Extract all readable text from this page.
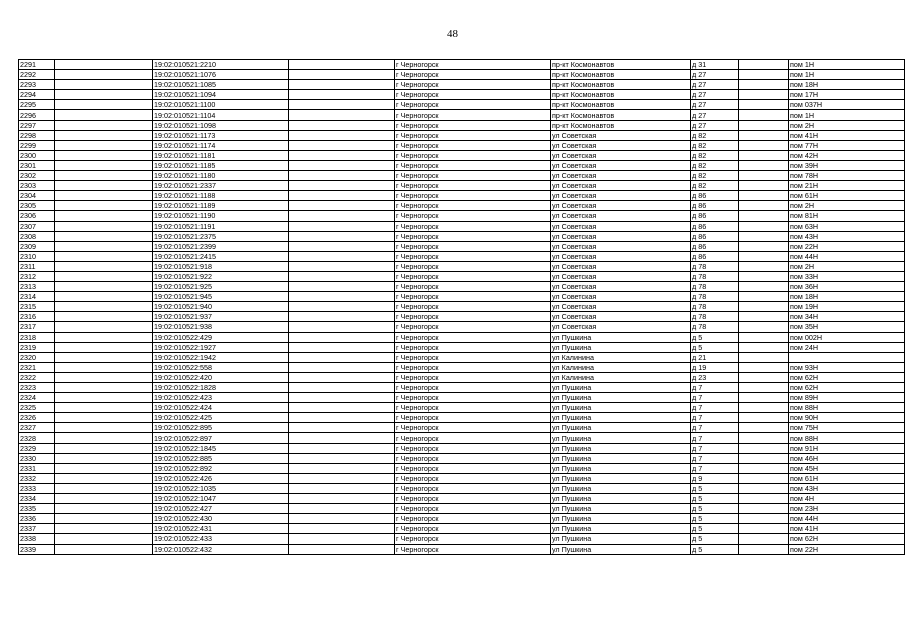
48
2291		19:02:010521:2210		г Черногорск	пр-кт Космонавтов	д 31		пом 1Н
2292		19:02:010521:1076		г Черногорск	пр-кт Космонавтов	д 27		пом 1Н
2293		19:02:010521:1085		г Черногорск	пр-кт Космонавтов	д 27		пом 18Н
2294		19:02:010521:1094		г Черногорск	пр-кт Космонавтов	д 27		пом 17Н
2295		19:02:010521:1100		г Черногорск	пр-кт Космонавтов	д 27		пом 037Н
2296		19:02:010521:1104		г Черногорск	пр-кт Космонавтов	д 27		пом 1Н
2297		19:02:010521:1098		г Черногорск	пр-кт Космонавтов	д 27		пом 2Н
2298		19:02:010521:1173		г Черногорск	ул Советская	д 82		пом 41Н
2299		19:02:010521:1174		г Черногорск	ул Советская	д 82		пом 77Н
2300		19:02:010521:1181		г Черногорск	ул Советская	д 82		пом 42Н
2301		19:02:010521:1185		г Черногорск	ул Советская	д 82		пом 39Н
2302		19:02:010521:1180		г Черногорск	ул Советская	д 82		пом 78Н
2303		19:02:010521:2337		г Черногорск	ул Советская	д 82		пом 21Н
2304		19:02:010521:1188		г Черногорск	ул Советская	д 86		пом 61Н
2305		19:02:010521:1189		г Черногорск	ул Советская	д 86		пом 2Н
2306		19:02:010521:1190		г Черногорск	ул Советская	д 86		пом 81Н
2307		19:02:010521:1191		г Черногорск	ул Советская	д 86		пом 63Н
2308		19:02:010521:2375		г Черногорск	ул Советская	д 86		пом 43Н
2309		19:02:010521:2399		г Черногорск	ул Советская	д 86		пом 22Н
2310		19:02:010521:2415		г Черногорск	ул Советская	д 86		пом 44Н
2311		19:02:010521:918		г Черногорск	ул Советская	д 78		пом 2Н
2312		19:02:010521:922		г Черногорск	ул Советская	д 78		пом 33Н
2313		19:02:010521:925		г Черногорск	ул Советская	д 78		пом 36Н
2314		19:02:010521:945		г Черногорск	ул Советская	д 78		пом 18Н
2315		19:02:010521:940		г Черногорск	ул Советская	д 78		пом 19Н
2316		19:02:010521:937		г Черногорск	ул Советская	д 78		пом 34Н
2317		19:02:010521:938		г Черногорск	ул Советская	д 78		пом 35Н
2318		19:02:010522:429		г Черногорск	ул Пушкина	д 5		пом 002Н
2319		19:02:010522:1927		г Черногорск	ул Пушкина	д 5		пом 24Н
2320		19:02:010522:1942		г Черногорск	ул Калинина	д 21		
2321		19:02:010522:558		г Черногорск	ул Калинина	д 19		пом 93Н
2322		19:02:010522:420		г Черногорск	ул Калинина	д 23		пом 62Н
2323		19:02:010522:1828		г Черногорск	ул Пушкина	д 7		пом 62Н
2324		19:02:010522:423		г Черногорск	ул Пушкина	д 7		пом 89Н
2325		19:02:010522:424		г Черногорск	ул Пушкина	д 7		пом 88Н
2326		19:02:010522:425		г Черногорск	ул Пушкина	д 7		пом 90Н
2327		19:02:010522:895		г Черногорск	ул Пушкина	д 7		пом 75Н
2328		19:02:010522:897		г Черногорск	ул Пушкина	д 7		пом 88Н
2329		19:02:010522:1845		г Черногорск	ул Пушкина	д 7		пом 91Н
2330		19:02:010522:885		г Черногорск	ул Пушкина	д 7		пом 46Н
2331		19:02:010522:892		г Черногорск	ул Пушкина	д 7		пом 45Н
2332		19:02:010522:426		г Черногорск	ул Пушкина	д 9		пом 61Н
2333		19:02:010522:1035		г Черногорск	ул Пушкина	д 5		пом 43Н
2334		19:02:010522:1047		г Черногорск	ул Пушкина	д 5		пом 4Н
2335		19:02:010522:427		г Черногорск	ул Пушкина	д 5		пом 23Н
2336		19:02:010522:430		г Черногорск	ул Пушкина	д 5		пом 44Н
2337		19:02:010522:431		г Черногорск	ул Пушкина	д 5		пом 41Н
2338		19:02:010522:433		г Черногорск	ул Пушкина	д 5		пом 62Н
2339		19:02:010522:432		г Черногорск	ул Пушкина	д 5		пом 22Н
